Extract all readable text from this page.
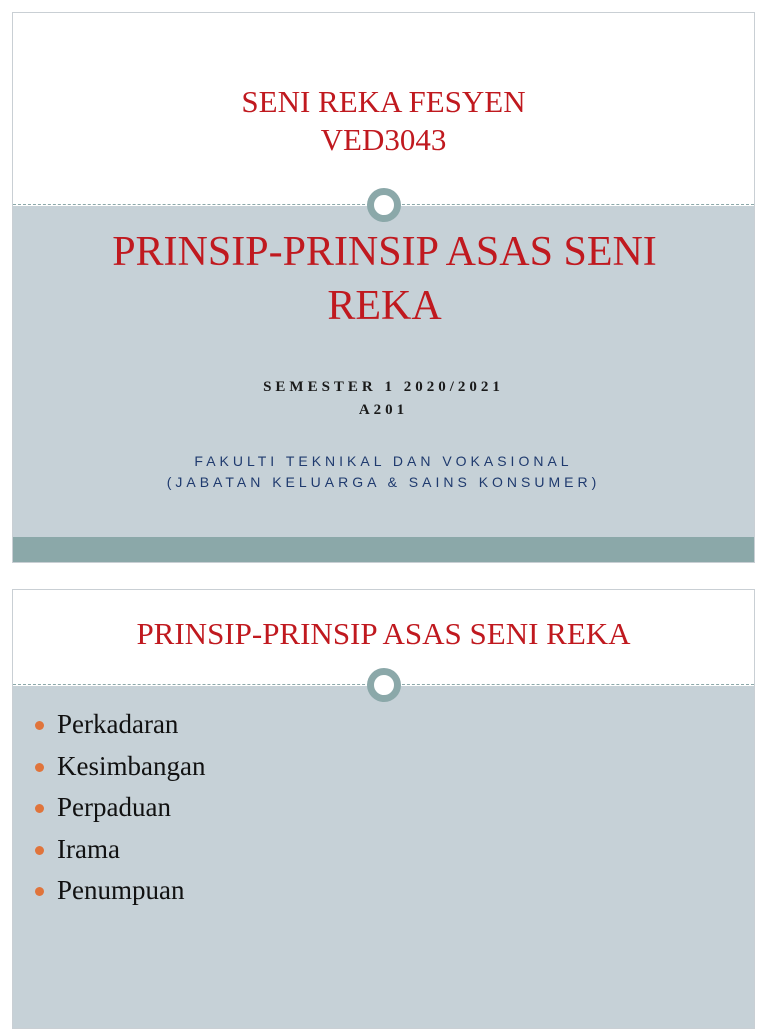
SENI REKA FESYEN
VED3043
PRINSIP-PRINSIP ASAS SENI REKA
SEMESTER 1 2020/2021
A201
FAKULTI TEKNIKAL DAN VOKASIONAL
(JABATAN KELUARGA & SAINS KONSUMER)
PRINSIP-PRINSIP ASAS SENI REKA
Perkadaran
Kesimbangan
Perpaduan
Irama
Penumpuan
